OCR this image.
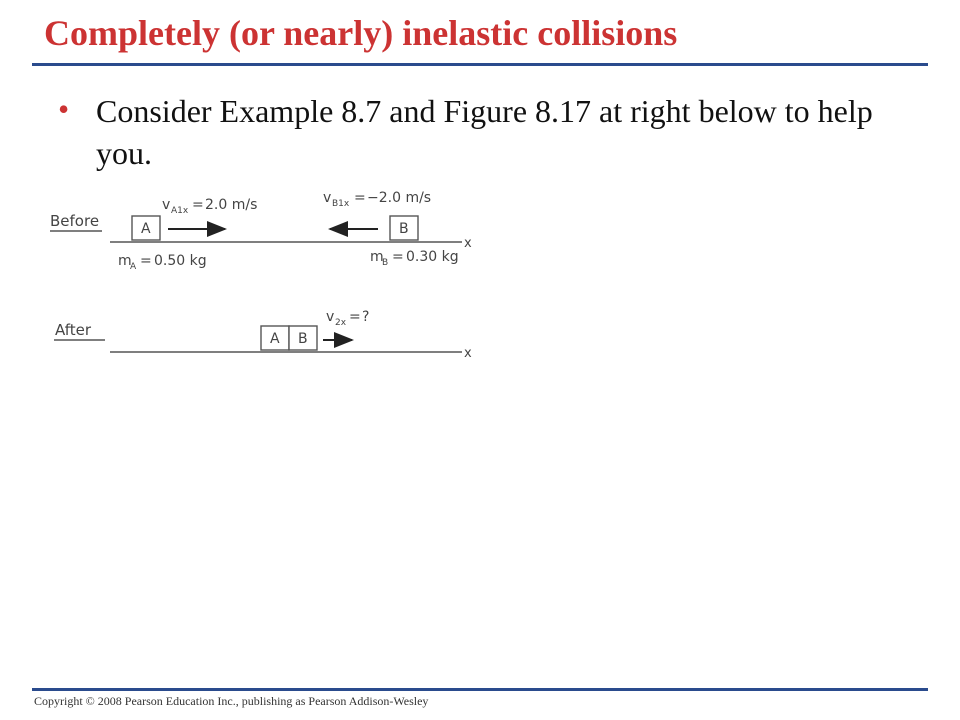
Completely (or nearly) inelastic collisions
• Consider Example 8.7 and Figure 8.17 at right below to help you.
Before
x
A	B
v A1x = 2.0 m/s	v B1x = −2.0 m/s
m
A = 0.50 kg	m
B = 0.30 kg
After
x
A B
v 2x = ?
Copyright © 2008 Pearson Education Inc., publishing as Pearson Addison-Wesley
